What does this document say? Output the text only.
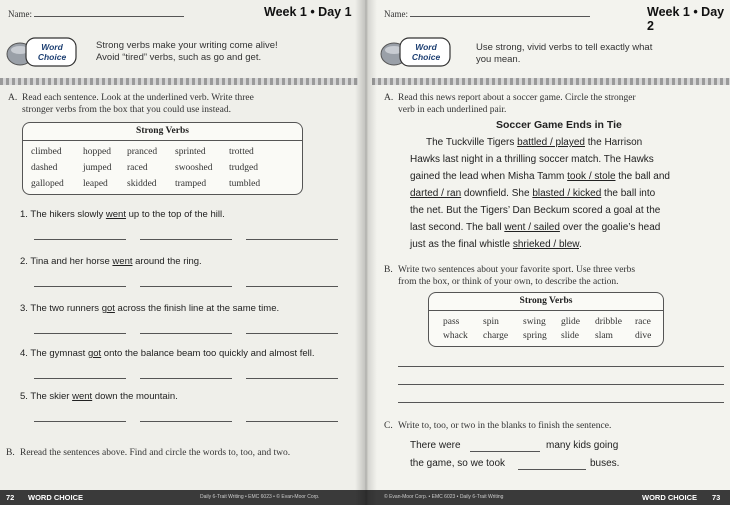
Name:	Week 1 • Day 1
Word
Choice
Strong verbs make your writing come alive!
Avoid “tired” verbs, such as go and get.
A. Read each sentence. Look at the underlined verb. Write three
stronger verbs from the box that you could use instead.
Strong Verbs
climbed hopped pranced sprinted trotted
dashed	jumped raced	swooshed trudged
galloped leaped skidded tramped tumbled
1. The hikers slowly went up to the top of the hill.
2. Tina and her horse went around the ring.
3. The two runners got across the finish line at the same time.
4. The gymnast got onto the balance beam too quickly and almost fell.
5. The skier went down the mountain.
B. Reread the sentences above. Find and circle the words to, too, and two.
72 WORD CHOICE	Daily 6-Trait Writing • EMC 6023 • © Evan-Moor Corp.
Name:	Week 1 • Day 2
Word
Choice
Use strong, vivid verbs to tell exactly what
you mean.
A. Read this news report about a soccer game. Circle the stronger
verb in each underlined pair.
Soccer Game Ends in Tie
The Tuckville Tigers battled / played the Harrison
Hawks last night in a thrilling soccer match. The Hawks
gained the lead when Misha Tamm took / stole the ball and
darted / ran downfield. She blasted / kicked the ball into
the net. But the Tigers’ Dan Beckum scored a goal at the
last second. The ball went / sailed over the goalie’s head
just as the final whistle shrieked / blew.
B. Write two sentences about your favorite sport. Use three verbs
from the box, or think of your own, to describe the action.
Strong Verbs
pass spin	swing glide dribble race
whack charge spring slide slam dive
C. Write to, too, or two in the blanks to finish the sentence.
There were	many kids going
the game, so we took	buses.
© Evan-Moor Corp. • EMC 6023 • Daily 6-Trait Writing	WORD CHOICE 73
